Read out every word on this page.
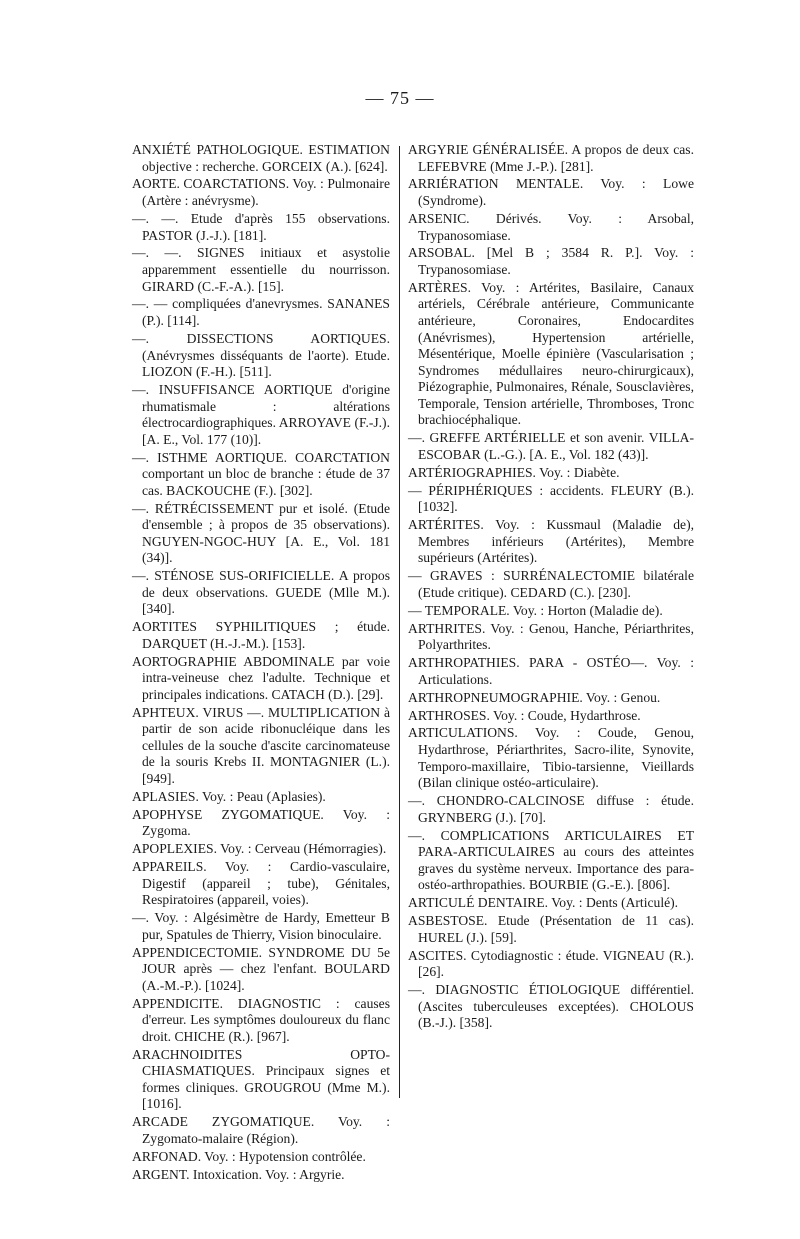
— 75 —

ANXIÉTÉ PATHOLOGIQUE. ESTIMATION objective : recherche. GORCEIX (A.). [624].

AORTE. COARCTATIONS. Voy. : Pulmonaire (Artère : anévrysme).

—. —. Etude d'après 155 observations. PASTOR (J.-J.). [181].

—. —. SIGNES initiaux et asystolie apparemment essentielle du nourrisson. GIRARD (C.-F.-A.). [15].

—. — compliquées d'anevrysmes. SANANES (P.). [114].

—. DISSECTIONS AORTIQUES. (Anévrysmes disséquants de l'aorte). Etude. LIOZON (F.-H.). [511].

—. INSUFFISANCE AORTIQUE d'origine rhumatismale : altérations électrocardiographiques. ARROYAVE (F.-J.). [A. E., Vol. 177 (10)].

—. ISTHME AORTIQUE. COARCTATION comportant un bloc de branche : étude de 37 cas. BACKOUCHE (F.). [302].

—. RÉTRÉCISSEMENT pur et isolé. (Etude d'ensemble ; à propos de 35 observations). NGUYEN-NGOC-HUY [A. E., Vol. 181 (34)].

—. STÉNOSE SUS-ORIFICIELLE. A propos de deux observations. GUEDE (Mlle M.). [340].

AORTITES SYPHILITIQUES ; étude. DARQUET (H.-J.-M.). [153].

AORTOGRAPHIE ABDOMINALE par voie intra-veineuse chez l'adulte. Technique et principales indications. CATACH (D.). [29].

APHTEUX. VIRUS —. MULTIPLICATION à partir de son acide ribonucléique dans les cellules de la souche d'ascite carcinomateuse de la souris Krebs II. MONTAGNIER (L.). [949].

APLASIES. Voy. : Peau (Aplasies).

APOPHYSE ZYGOMATIQUE. Voy. : Zygoma.

APOPLEXIES. Voy. : Cerveau (Hémorragies).

APPAREILS. Voy. : Cardio-vasculaire, Digestif (appareil ; tube), Génitales, Respiratoires (appareil, voies).

—. Voy. : Algésimètre de Hardy, Emetteur B pur, Spatules de Thierry, Vision binoculaire.

APPENDICECTOMIE. SYNDROME DU 5e JOUR après — chez l'enfant. BOULARD (A.-M.-P.). [1024].

APPENDICITE. DIAGNOSTIC : causes d'erreur. Les symptômes douloureux du flanc droit. CHICHE (R.). [967].

ARACHNOIDITES OPTO-CHIASMATIQUES. Principaux signes et formes cliniques. GROUGROU (Mme M.). [1016].

ARCADE ZYGOMATIQUE. Voy. : Zygomato-malaire (Région).

ARFONAD. Voy. : Hypotension contrôlée.

ARGENT. Intoxication. Voy. : Argyrie.

ARGYRIE GÉNÉRALISÉE. A propos de deux cas. LEFEBVRE (Mme J.-P.). [281].

ARRIÉRATION MENTALE. Voy. : Lowe (Syndrome).

ARSENIC. Dérivés. Voy. : Arsobal, Trypanosomiase.

ARSOBAL. [Mel B ; 3584 R. P.]. Voy. : Trypanosomiase.

ARTÈRES. Voy. : Artérites, Basilaire, Canaux artériels, Cérébrale antérieure, Communicante antérieure, Coronaires, Endocardites (Anévrismes), Hypertension artérielle, Mésentérique, Moelle épinière (Vascularisation ; Syndromes médullaires neuro-chirurgicaux), Piézographie, Pulmonaires, Rénale, Sousclavières, Temporale, Tension artérielle, Thromboses, Tronc brachiocéphalique.

—. GREFFE ARTÉRIELLE et son avenir. VILLA-ESCOBAR (L.-G.). [A. E., Vol. 182 (43)].

ARTÉRIOGRAPHIES. Voy. : Diabète.

— PÉRIPHÉRIQUES : accidents. FLEURY (B.). [1032].

ARTÉRITES. Voy. : Kussmaul (Maladie de), Membres inférieurs (Artérites), Membre supérieurs (Artérites).

— GRAVES : SURRÉNALECTOMIE bilatérale (Etude critique). CEDARD (C.). [230].

— TEMPORALE. Voy. : Horton (Maladie de).

ARTHRITES. Voy. : Genou, Hanche, Périarthrites, Polyarthrites.

ARTHROPATHIES. PARA - OSTÉO—. Voy. : Articulations.

ARTHROPNEUMOGRAPHIE. Voy. : Genou.

ARTHROSES. Voy. : Coude, Hydarthrose.

ARTICULATIONS. Voy. : Coude, Genou, Hydarthrose, Périarthrites, Sacro-ilite, Synovite, Temporo-maxillaire, Tibio-tarsienne, Vieillards (Bilan clinique ostéo-articulaire).

—. CHONDRO-CALCINOSE diffuse : étude. GRYNBERG (J.). [70].

—. COMPLICATIONS ARTICULAIRES ET PARA-ARTICULAIRES au cours des atteintes graves du système nerveux. Importance des para-ostéo-arthropathies. BOURBIE (G.-E.). [806].

ARTICULÉ DENTAIRE. Voy. : Dents (Articulé).

ASBESTOSE. Etude (Présentation de 11 cas). HUREL (J.). [59].

ASCITES. Cytodiagnostic : étude. VIGNEAU (R.). [26].

—. DIAGNOSTIC ÉTIOLOGIQUE différentiel. (Ascites tuberculeuses exceptées). CHOLOUS (B.-J.). [358].
